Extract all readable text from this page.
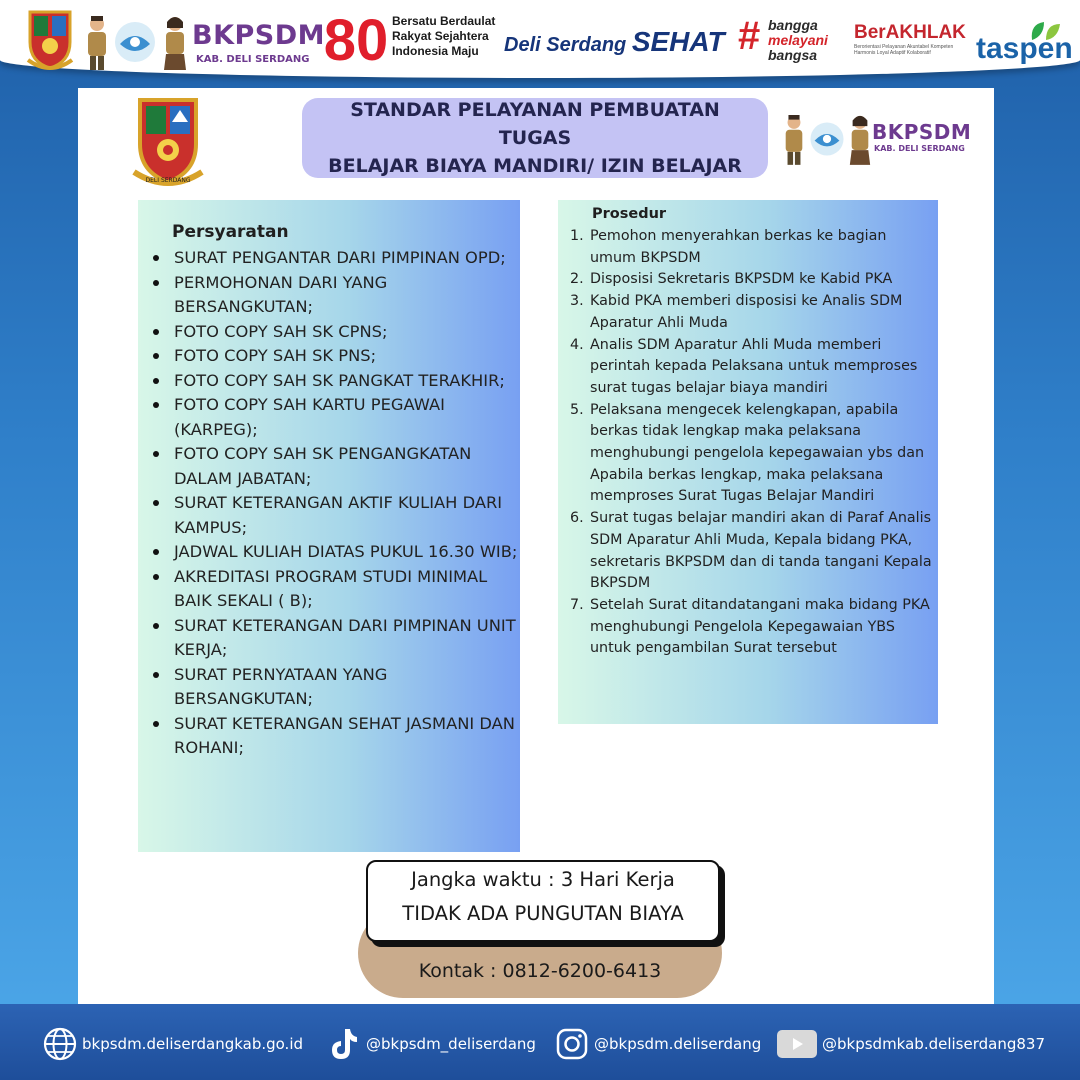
BKPSDM
KAB. DELI SERDANG 80 Bersatu Berdaulat
Rakyat Sejahtera
Indonesia Maju	Deli Serdang SEHAT # bangga
melayani
bangsa
BerAKHLAK
Berorientasi Pelayanan Akuntabel Kompeten
Harmonis Loyal Adaptif Kolaboratif	taspen
DELI SERDANG
STANDAR PELAYANAN PEMBUATAN TUGAS
BELAJAR BIAYA MANDIRI/ IZIN BELAJAR
BKPSDM
KAB. DELI SERDANG
Persyaratan
SURAT PENGANTAR DARI PIMPINAN OPD;
PERMOHONAN DARI YANG BERSANGKUTAN;
FOTO COPY SAH SK CPNS;
FOTO COPY SAH SK PNS;
FOTO COPY SAH SK PANGKAT TERAKHIR;
FOTO COPY SAH KARTU PEGAWAI (KARPEG);
FOTO COPY SAH SK PENGANGKATAN DALAM JABATAN;
SURAT KETERANGAN AKTIF KULIAH DARI KAMPUS;
JADWAL KULIAH DIATAS PUKUL 16.30 WIB;
AKREDITASI PROGRAM STUDI MINIMAL BAIK SEKALI ( B);
SURAT KETERANGAN DARI PIMPINAN UNIT KERJA;
SURAT PERNYATAAN YANG BERSANGKUTAN;
SURAT KETERANGAN SEHAT JASMANI DAN ROHANI;
Prosedur
1. Pemohon menyerahkan berkas ke bagian umum BKPSDM
2. Disposisi Sekretaris BKPSDM ke Kabid PKA
3. Kabid PKA memberi disposisi ke Analis SDM Aparatur Ahli Muda
4. Analis SDM Aparatur Ahli Muda memberi perintah kepada Pelaksana untuk memproses surat tugas belajar biaya mandiri
5. Pelaksana mengecek kelengkapan, apabila berkas tidak lengkap maka pelaksana menghubungi pengelola kepegawaian ybs dan Apabila berkas lengkap, maka pelaksana memproses Surat Tugas Belajar Mandiri
6. Surat tugas belajar mandiri akan di Paraf Analis SDM Aparatur Ahli Muda, Kepala bidang PKA, sekretaris BKPSDM dan di tanda tangani Kepala BKPSDM
7. Setelah Surat ditandatangani maka bidang PKA menghubungi Pengelola Kepegawaian YBS untuk pengambilan Surat tersebut
Kontak : 0812-6200-6413
Jangka waktu : 3 Hari Kerja
TIDAK ADA PUNGUTAN BIAYA
bkpsdm.deliserdangkab.go.id	@bkpsdm_deliserdang	@bkpsdm.deliserdang	@bkpsdmkab.deliserdang837
